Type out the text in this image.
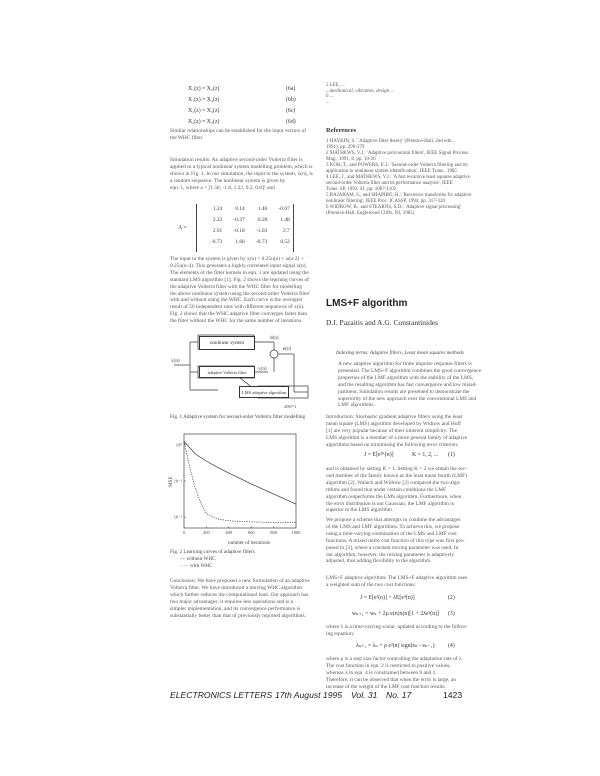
X₁(z) = X₂(z)	(6a)
X₁(z) = X₂(z)	(6b)
X₁(z) = X₂(z)	(6c)
X₂(z) = X₂(z)	(6d)
Similar relationships can be established for the input vectors of
the WHC filter.
Simulation results: An adaptive second-order Volterra filter is
applied to a typical nonlinear system modelling problem, which is
shown in Fig. 1. In our simulation, the input to the system, x(n), is
a random sequence. The nonlinear system is given by
eqn. 1, where a = [1.58, -1.8, 1.22, 0.2, 0.8]ᵀ and
A =
1.24	0.14	1.46	-0.67
2.22	-0.37	0.28	1.48
2.91	-0.18	-1.03	2.7
-0.73	1.66	-0.73	0.52
The input to the system is given by x(n) = 0.25u(n) + u(n-2) +
0.25u(n-4). This generates a highly correlated input signal x(n).
The elements of the filter kernels in eqn. 1 are updated using the
standard LMS algorithm [1]. Fig. 2 shows the learning curves of
the adaptive Volterra filter with the WHC filter for modelling
the above nonlinear system using the second-order Volterra filter
with and without using the WHC. Each curve is the averaged
result of 50 independent runs with different sequences of x(n).
Fig. 2 shows that the WHC adaptive filter converges faster than
the filter without the WHC for the same number of iterations.
nonlinear system
adaptive Volterra filter
LMS adaptive algorithm
x(n)
d(n)
y(n)
e(n)
2067/1
Fig. 1 Adaptive system for second-order Volterra filter modelling
0	200	400	600	800	1000
10⁰
10⁻¹
10⁻²
number of iterations
MSE
Fig. 2 Learning curves of adaptive filters
— without WHC
····· with WHC
Conclusion: We have proposed a new formulation of an adaptive
Volterra filter. We have introduced a moving WHC algorithm
which further reduces the computational load. Our approach has
two major advantages: it requires less operations and is a
simpler implementation, and its convergence performance is
substantially better than that of previously reported algorithms.
5 LEE, ...
...mechanical, vibration, design ...
6 ...
...
References
1 HAYKIN, S.: 'Adaptive filter theory' (Prentice-Hall, 2nd edn.,
1991), pp. 299-379
2 MATHEWS, V.J.: 'Adaptive polynomial filters', IEEE Signal Process.
Mag., 1991, 8, pp. 10-26
3 KOH, T., and POWERS, E.J.: 'Second-order Volterra filtering and its
application to nonlinear system identification', IEEE Trans., 1985
4 LEE, J., and MATHEWS, V.J.: 'A fast recursive least squares adaptive
second-order Volterra filter and its performance analysis', IEEE
Trans. SP, 1993, 41, pp. 1087-1102
5 RAJARAM, S., and SHAPIRO, H.: 'Recursive transforms for adaptive
nonlinear filtering', IEEE Proc. ICASSP, 1994, pp. 317-320
6 WIDROW, B., and STEARNS, S.D.: 'Adaptive signal processing'
(Prentice-Hall, Englewood Cliffs, NJ, 1985)
LMS+F algorithm
D.I. Pazaitis and A.G. Constantinides
Indexing terms: Adaptive filters, Least mean squares methods
A new adaptive algorithm for finite impulse response filters is
presented. The LMS+F algorithm combines the good convergence
properties of the LMF algorithm with the stability of the LMS,
and the resulting algorithm has fast convergence and low misad-
justment. Simulation results are presented to demonstrate the
superiority of the new approach over the conventional LMS and
LMF algorithms.
Introduction: Stochastic gradient adaptive filters using the least
mean square (LMS) algorithm developed by Widrow and Hoff
[1] are very popular because of their inherent simplicity. The
LMS algorithm is a member of a more general family of adaptive
algorithms based on minimising the following error criterion:
J = E[e²ᴷ(n)]	K = 1, 2, ... (1)
and is obtained by setting K = 1. Setting K = 2 we obtain the sec-
ond member of the family known as the least mean fourth (LMF)
algorithm [2]. Walach and Widrow [2] compared the two algo-
rithms and found that under certain conditions the LMF
algorithm outperforms the LMS algorithm. Furthermore, when
the error distribution is not Gaussian, the LMF algorithm is
superior to the LMS algorithm.
We propose a scheme that attempts to combine the advantages
of the LMS and LMF algorithms. To achieve this, we propose
using a time-varying combination of the LMS and LMF cost
functions. A mixed norm cost function of this type was first pro-
posed in [3], where a constant mixing parameter was used. In
our algorithm, however, the mixing parameter is adaptively
adjusted, thus adding flexibility to the algorithm.
LMS+F adaptive algorithm: The LMS+F adaptive algorithm uses
a weighted sum of the two cost functions:
J = E[e²(n)] + λE[e⁴(n)]	(2)
wₙ₊₁ = wₙ + 2μ e(n)x(n)[1 + 2λe²(n)] (3)
where λ is a time-varying scalar, updated according to the follow-
ing equation:
λₙ₊₁ = λₙ + ρ e²(n) sign(eₙ - eₙ₋₁) (4)
where ρ is a step size factor controlling the adaptation rate of λ.
The cost function in eqn. 2 is restricted to positive values,
whereas λ in eqn. 4 is constrained between 0 and 1.
Therefore, it can be observed that when the error is large, an
increase of the weight of the LMF cost function results.
ELECTRONICS LETTERS 17th August 1995 Vol. 31 No. 17	1423
